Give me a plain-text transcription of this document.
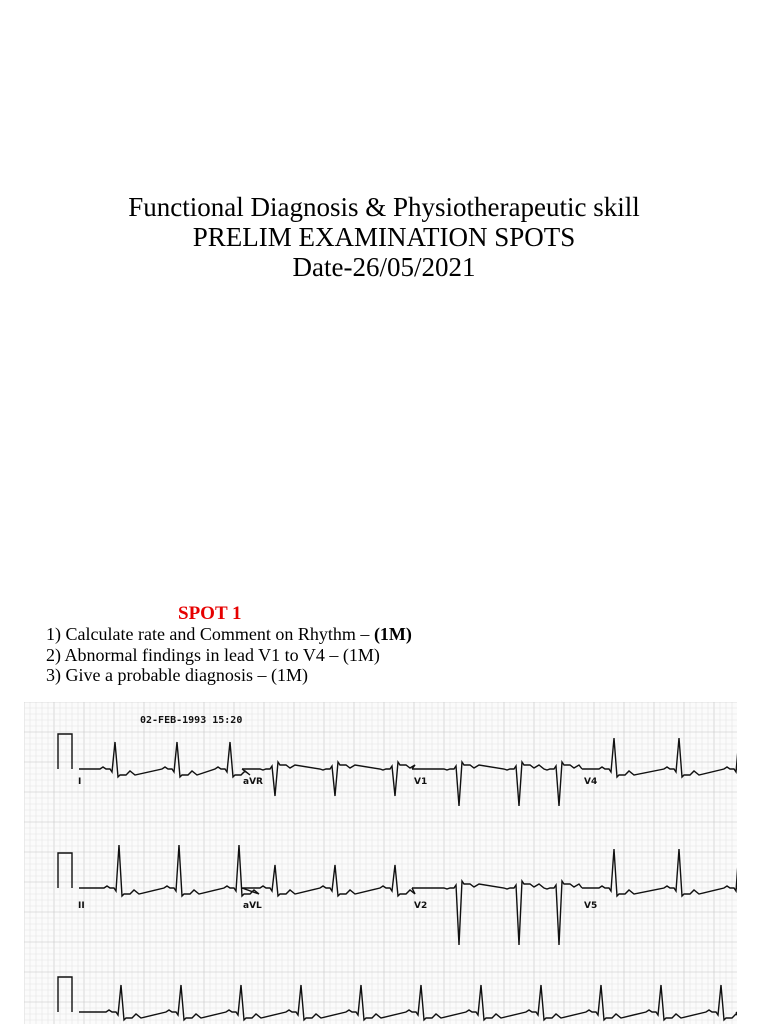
Functional Diagnosis & Physiotherapeutic skill
PRELIM EXAMINATION SPOTS
Date-26/05/2021
SPOT 1
1) Calculate rate and Comment on Rhythm – (1M)
2) Abnormal findings in lead V1 to V4 – (1M)
3) Give a probable diagnosis – (1M)
02-FEB-1993 15:20
I	aVR	V1	V4
II	aVL	V2	V5
